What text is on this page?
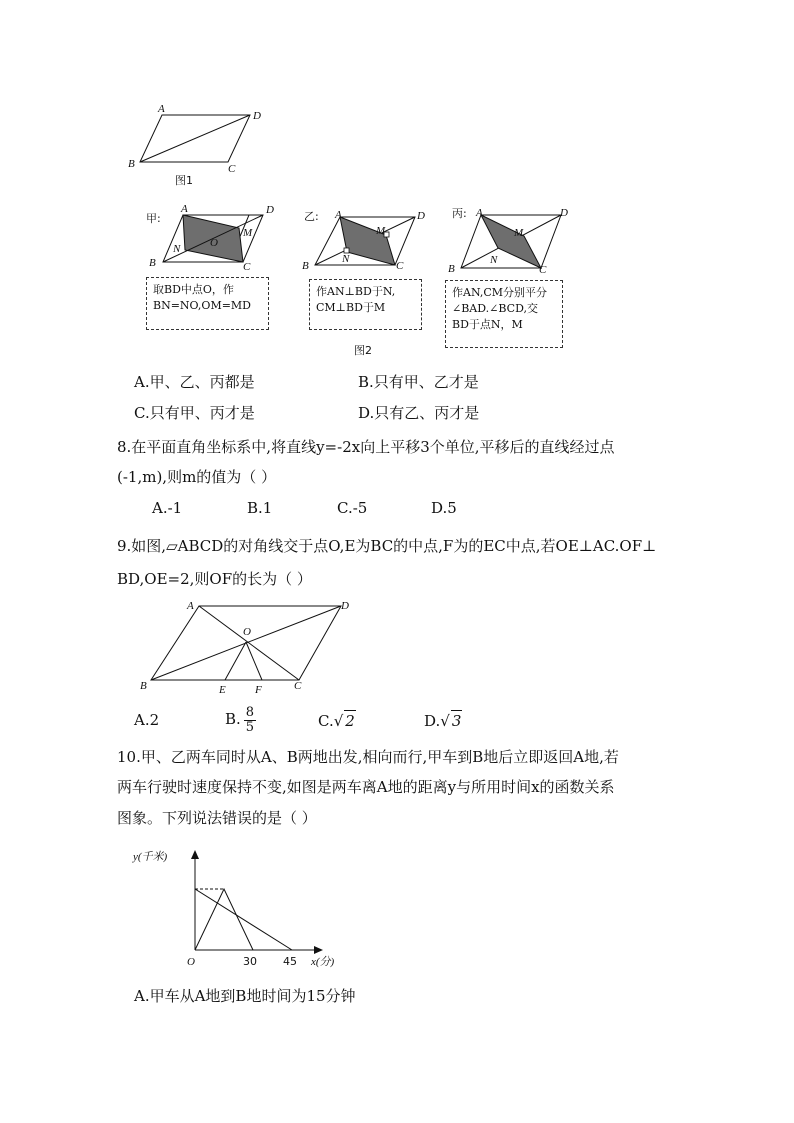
A
D
B	C
图1
甲:
A	D
B	C
M
N	O
取BD中点O，作
BN=NO,OM=MD
乙: A	D
B	C
M
N
作AN⊥BD于N,
CM⊥BD于M
图2
丙: A	D
B	C
M
N
作AN,CM分别平分
∠BAD.∠BCD,交
BD于点N，M
A.甲、乙、丙都是	B.只有甲、乙才是
C.只有甲、丙才是	D.只有乙、丙才是
8.在平面直角坐标系中,将直线y=-2x向上平移3个单位,平移后的直线经过点
(-1,m),则m的值为（ ）
A.-1	B.1	C.-5	D.5
9.如图,▱ABCD的对角线交于点O,E为BC的中点,F为的EC中点,若OE⊥AC.OF⊥
BD,OE=2,则OF的长为（ ）
A	D
B	C
O
E	F
A.2	B. $\frac{8}{5}$	C.√ 2	D.√ 3
10.甲、乙两车同时从A、B两地出发,相向而行,甲车到B地后立即返回A地,若
两车行驶时速度保持不变,如图是两车离A地的距离y与所用时间x的函数关系
图象。下列说法错误的是（ ）
y(千米)
x(分)
O	30 45
A.甲车从A地到B地时间为15分钟
